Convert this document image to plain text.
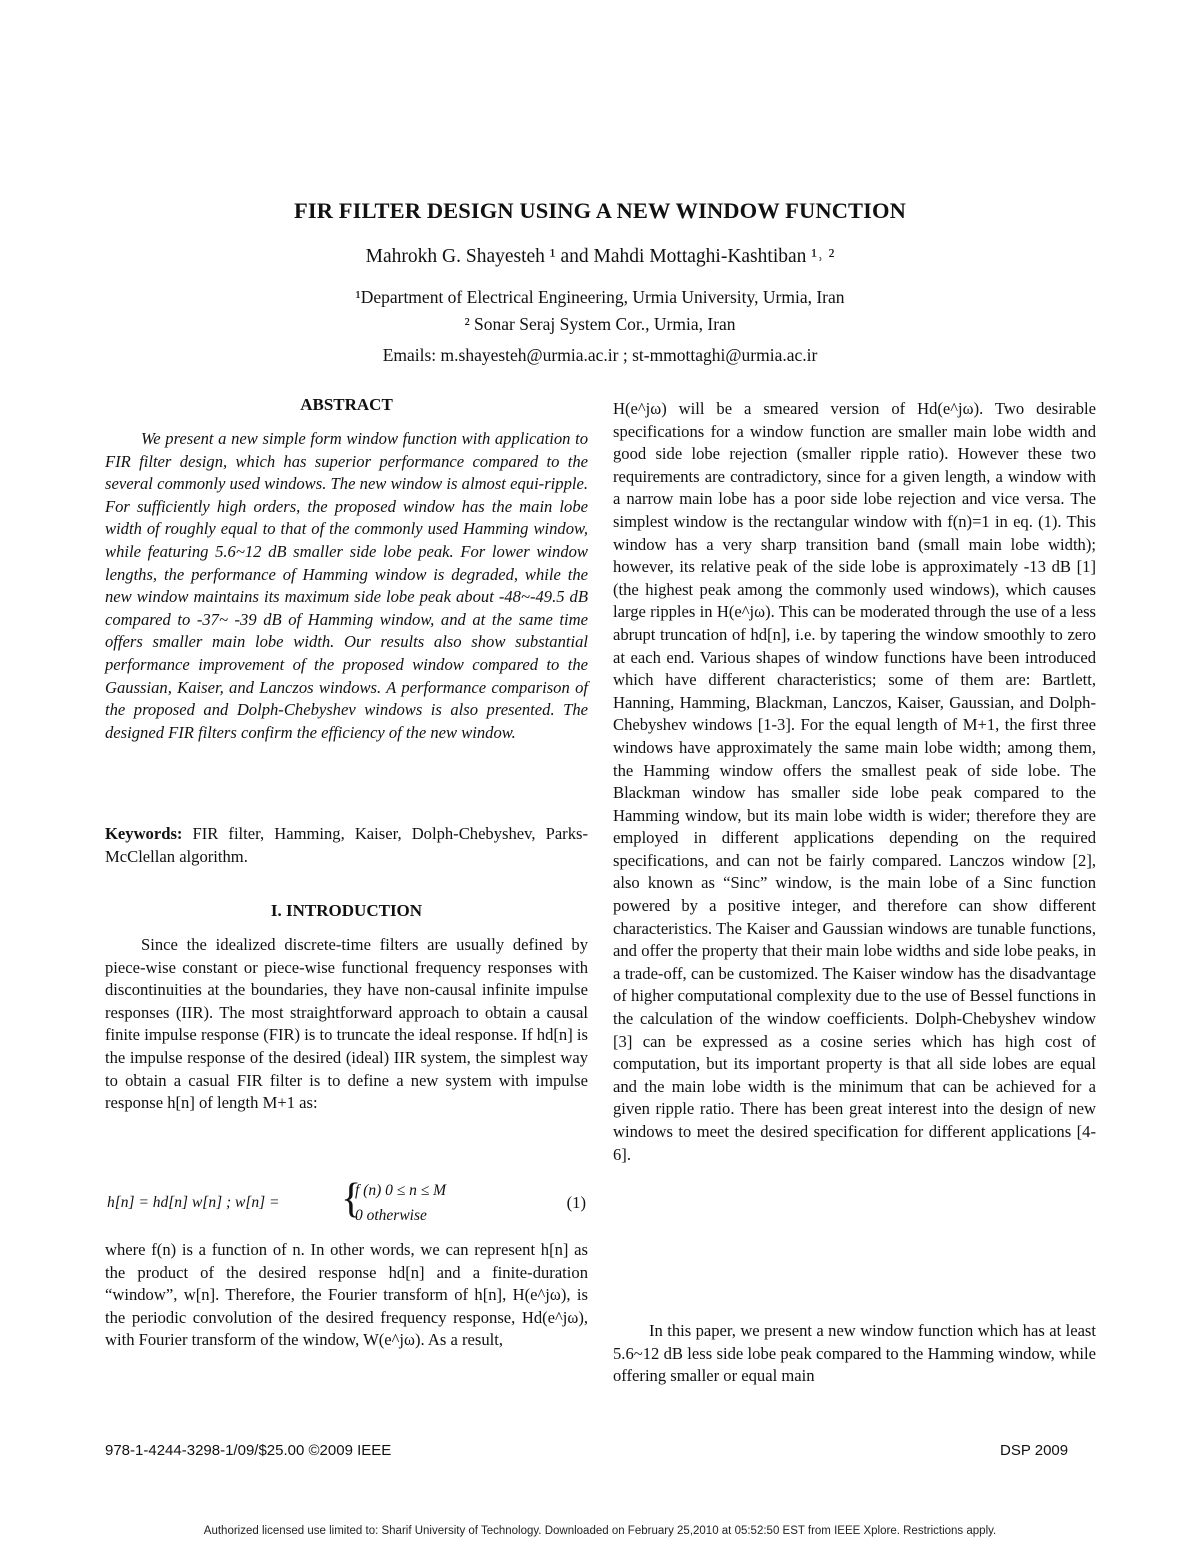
FIR FILTER DESIGN USING A NEW WINDOW FUNCTION
Mahrokh G. Shayesteh ¹ and Mahdi Mottaghi-Kashtiban ¹˒ ²
¹Department of Electrical Engineering, Urmia University, Urmia, Iran
² Sonar Seraj System Cor., Urmia, Iran
Emails: m.shayesteh@urmia.ac.ir ; st-mmottaghi@urmia.ac.ir
ABSTRACT
We present a new simple form window function with application to FIR filter design, which has superior performance compared to the several commonly used windows. The new window is almost equi-ripple. For sufficiently high orders, the proposed window has the main lobe width of roughly equal to that of the commonly used Hamming window, while featuring 5.6~12 dB smaller side lobe peak. For lower window lengths, the performance of Hamming window is degraded, while the new window maintains its maximum side lobe peak about -48~-49.5 dB compared to -37~ -39 dB of Hamming window, and at the same time offers smaller main lobe width. Our results also show substantial performance improvement of the proposed window compared to the Gaussian, Kaiser, and Lanczos windows. A performance comparison of the proposed and Dolph-Chebyshev windows is also presented. The designed FIR filters confirm the efficiency of the new window.
Keywords: FIR filter, Hamming, Kaiser, Dolph-Chebyshev, Parks-McClellan algorithm.
I. INTRODUCTION
Since the idealized discrete-time filters are usually defined by piece-wise constant or piece-wise functional frequency responses with discontinuities at the boundaries, they have non-causal infinite impulse responses (IIR). The most straightforward approach to obtain a causal finite impulse response (FIR) is to truncate the ideal response. If hd[n] is the impulse response of the desired (ideal) IIR system, the simplest way to obtain a casual FIR filter is to define a new system with impulse response h[n] of length M+1 as:
h[n] = hd[n] w[n] ; w[n] = {
f (n) 0 ≤ n ≤ M
0 otherwise
(1)
where f(n) is a function of n. In other words, we can represent h[n] as the product of the desired response hd[n] and a finite-duration “window”, w[n]. Therefore, the Fourier transform of h[n], H(e^jω), is the periodic convolution of the desired frequency response, Hd(e^jω), with Fourier transform of the window, W(e^jω). As a result,
H(e^jω) will be a smeared version of Hd(e^jω). Two desirable specifications for a window function are smaller main lobe width and good side lobe rejection (smaller ripple ratio). However these two requirements are contradictory, since for a given length, a window with a narrow main lobe has a poor side lobe rejection and vice versa. The simplest window is the rectangular window with f(n)=1 in eq. (1). This window has a very sharp transition band (small main lobe width); however, its relative peak of the side lobe is approximately -13 dB [1] (the highest peak among the commonly used windows), which causes large ripples in H(e^jω). This can be moderated through the use of a less abrupt truncation of hd[n], i.e. by tapering the window smoothly to zero at each end. Various shapes of window functions have been introduced which have different characteristics; some of them are: Bartlett, Hanning, Hamming, Blackman, Lanczos, Kaiser, Gaussian, and Dolph-Chebyshev windows [1-3]. For the equal length of M+1, the first three windows have approximately the same main lobe width; among them, the Hamming window offers the smallest peak of side lobe. The Blackman window has smaller side lobe peak compared to the Hamming window, but its main lobe width is wider; therefore they are employed in different applications depending on the required specifications, and can not be fairly compared. Lanczos window [2], also known as “Sinc” window, is the main lobe of a Sinc function powered by a positive integer, and therefore can show different characteristics. The Kaiser and Gaussian windows are tunable functions, and offer the property that their main lobe widths and side lobe peaks, in a trade-off, can be customized. The Kaiser window has the disadvantage of higher computational complexity due to the use of Bessel functions in the calculation of the window coefficients. Dolph-Chebyshev window [3] can be expressed as a cosine series which has high cost of computation, but its important property is that all side lobes are equal and the main lobe width is the minimum that can be achieved for a given ripple ratio. There has been great interest into the design of new windows to meet the desired specification for different applications [4-6].
In this paper, we present a new window function which has at least 5.6~12 dB less side lobe peak compared to the Hamming window, while offering smaller or equal main
978-1-4244-3298-1/09/$25.00 ©2009 IEEE	DSP 2009
Authorized licensed use limited to: Sharif University of Technology. Downloaded on February 25,2010 at 05:52:50 EST from IEEE Xplore. Restrictions apply.
